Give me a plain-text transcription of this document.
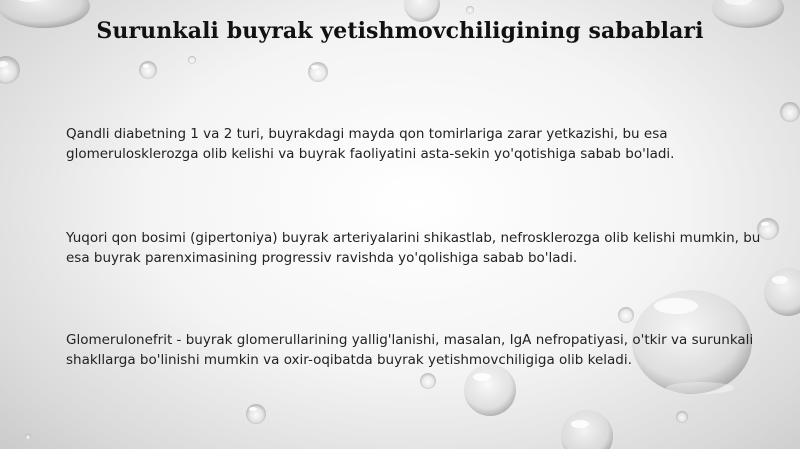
Surunkali buyrak yetishmovchiligining sabablari
Qandli diabetning 1 va 2 turi, buyrakdagi mayda qon tomirlariga zarar yetkazishi, bu esa glomerulosklerozga olib kelishi va buyrak faoliyatini asta-sekin yo'qotishiga sabab bo'ladi.
Yuqori qon bosimi (gipertoniya) buyrak arteriyalarini shikastlab, nefrosklerozga olib kelishi mumkin, bu esa buyrak parenximasining progressiv ravishda yo'qolishiga sabab bo'ladi.
Glomerulonefrit - buyrak glomerullarining yallig'lanishi, masalan, IgA nefropatiyasi, o'tkir va surunkali shakllarga bo'linishi mumkin va oxir-oqibatda buyrak yetishmovchiligiga olib keladi.
